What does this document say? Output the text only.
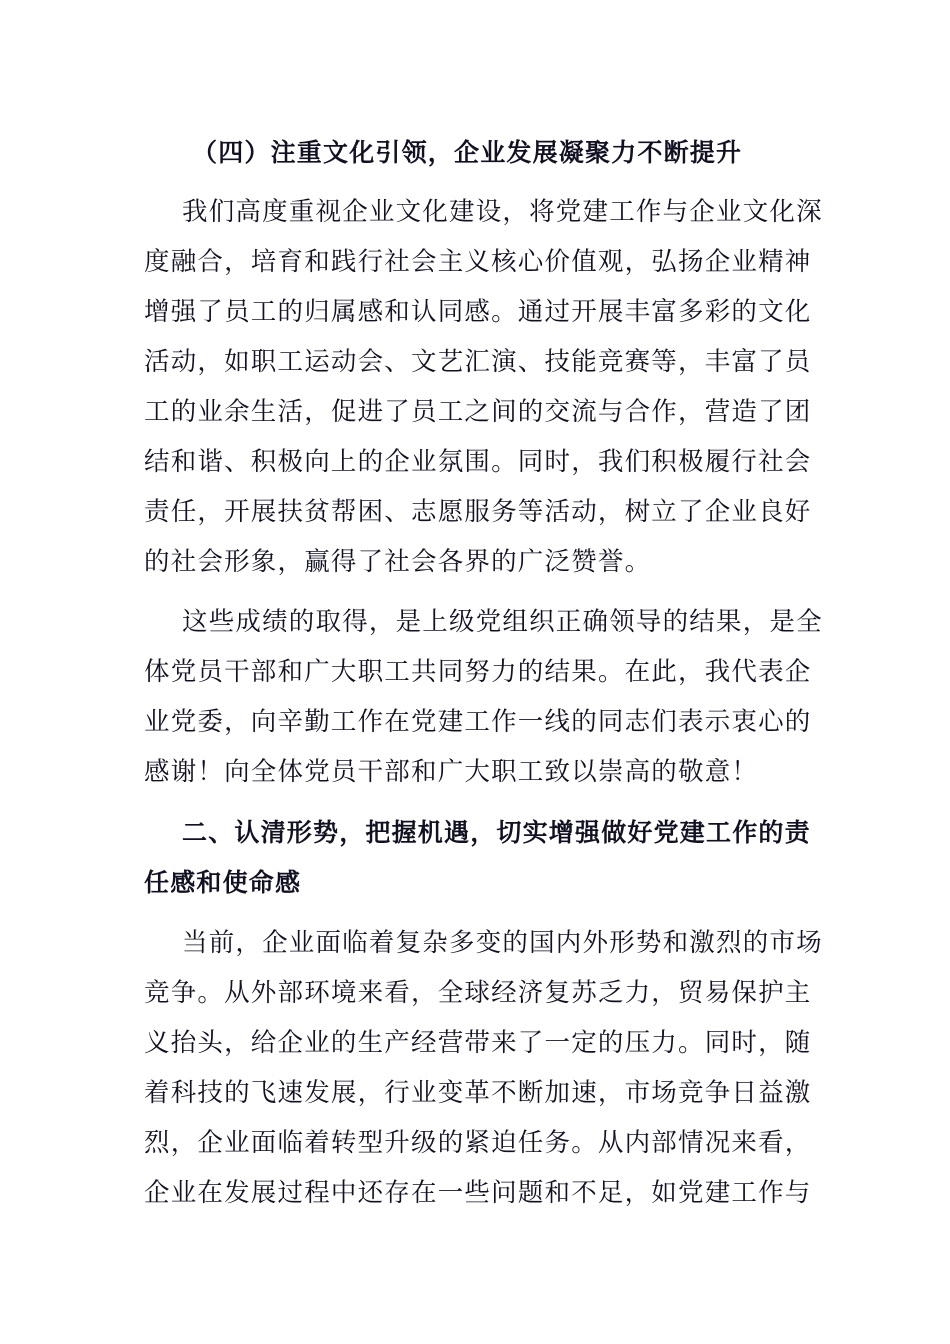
（四）注重文化引领，企业发展凝聚力不断提升
我们高度重视企业文化建设，将党建工作与企业文化深
度融合，培育和践行社会主义核心价值观，弘扬企业精神
增强了员工的归属感和认同感。通过开展丰富多彩的文化
活动，如职工运动会、文艺汇演、技能竞赛等，丰富了员
工的业余生活，促进了员工之间的交流与合作，营造了团
结和谐、积极向上的企业氛围。同时，我们积极履行社会
责任，开展扶贫帮困、志愿服务等活动，树立了企业良好
的社会形象，赢得了社会各界的广泛赞誉。
这些成绩的取得，是上级党组织正确领导的结果，是全
体党员干部和广大职工共同努力的结果。在此，我代表企
业党委，向辛勤工作在党建工作一线的同志们表示衷心的
感谢！向全体党员干部和广大职工致以崇高的敬意！
二、认清形势，把握机遇，切实增强做好党建工作的责
任感和使命感
当前，企业面临着复杂多变的国内外形势和激烈的市场
竞争。从外部环境来看，全球经济复苏乏力，贸易保护主
义抬头，给企业的生产经营带来了一定的压力。同时，随
着科技的飞速发展，行业变革不断加速，市场竞争日益激
烈，企业面临着转型升级的紧迫任务。从内部情况来看，
企业在发展过程中还存在一些问题和不足，如党建工作与
